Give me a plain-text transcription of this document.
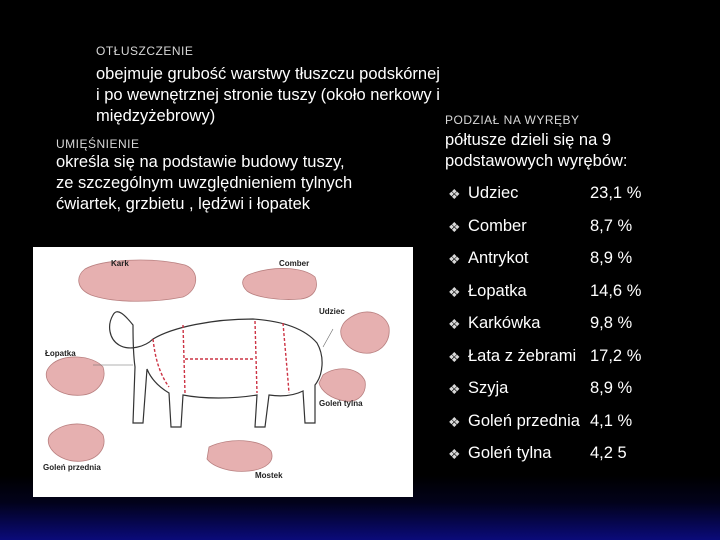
OTŁUSZCZENIE
obejmuje grubość warstwy tłuszczu podskórnej
i po wewnętrznej stronie tuszy (około nerkowy i
międzyżebrowy)
UMIĘŚNIENIE
określa się na podstawie budowy tuszy,
ze szczególnym uwzględnieniem tylnych
ćwiartek, grzbietu , lędźwi i łopatek
PODZIAŁ NA WYRĘBY
półtusze dzieli się na 9
podstawowych wyrębów:
❖ Udziec	23,1 %
❖ Comber	8,7 %
❖ Antrykot	8,9 %
❖ Łopatka	14,6 %
❖ Karkówka	9,8 %
❖ Łata z żebrami 17,2 %
❖ Szyja	8,9 %
❖ Goleń przednia 4,1 %
❖ Goleń tylna 4,2 5
Kark	Comber
Udziec
Łopatka
Goleń tylna
Goleń przednia
Mostek
